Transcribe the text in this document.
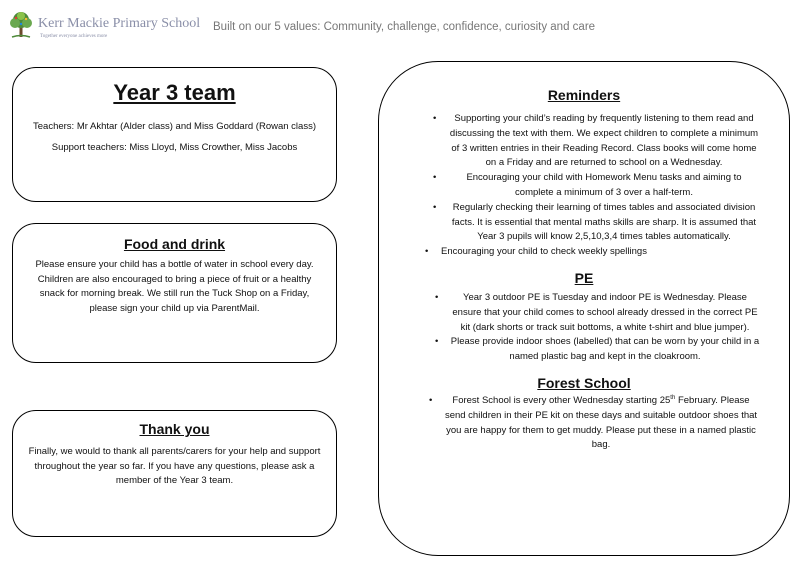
Kerr Mackie Primary School
Together everyone achieves more
Built on our 5 values: Community, challenge, confidence, curiosity and care
Year 3 team
Teachers: Mr Akhtar (Alder class) and Miss Goddard (Rowan class)
Support teachers: Miss Lloyd, Miss Crowther, Miss Jacobs
Food and drink
Please ensure your child has a bottle of water in school every day. Children are also encouraged to bring a piece of fruit or a healthy snack for morning break. We still run the Tuck Shop on a Friday, please sign your child up via ParentMail.
Thank you
Finally, we would to thank all parents/carers for your help and support throughout the year so far. If you have any questions, please ask a member of the Year 3 team.
Reminders
• Supporting your child’s reading by frequently listening to them read and discussing the text with them. We expect children to complete a minimum of 3 written entries in their Reading Record. Class books will come home on a Friday and are returned to school on a Wednesday.
• Encouraging your child with Homework Menu tasks and aiming to complete a minimum of 3 over a half-term.
• Regularly checking their learning of times tables and associated division facts. It is essential that mental maths skills are sharp. It is assumed that Year 3 pupils will know 2,5,10,3,4 times tables automatically.
• Encouraging your child to check weekly spellings
PE
• Year 3 outdoor PE is Tuesday and indoor PE is Wednesday. Please ensure that your child comes to school already dressed in the correct PE kit (dark shorts or track suit bottoms, a white t-shirt and blue jumper).
• Please provide indoor shoes (labelled) that can be worn by your child in a named plastic bag and kept in the cloakroom.
Forest School
• Forest School is every other Wednesday starting 25th February. Please send children in their PE kit on these days and suitable outdoor shoes that you are happy for them to get muddy. Please put these in a named plastic bag.
